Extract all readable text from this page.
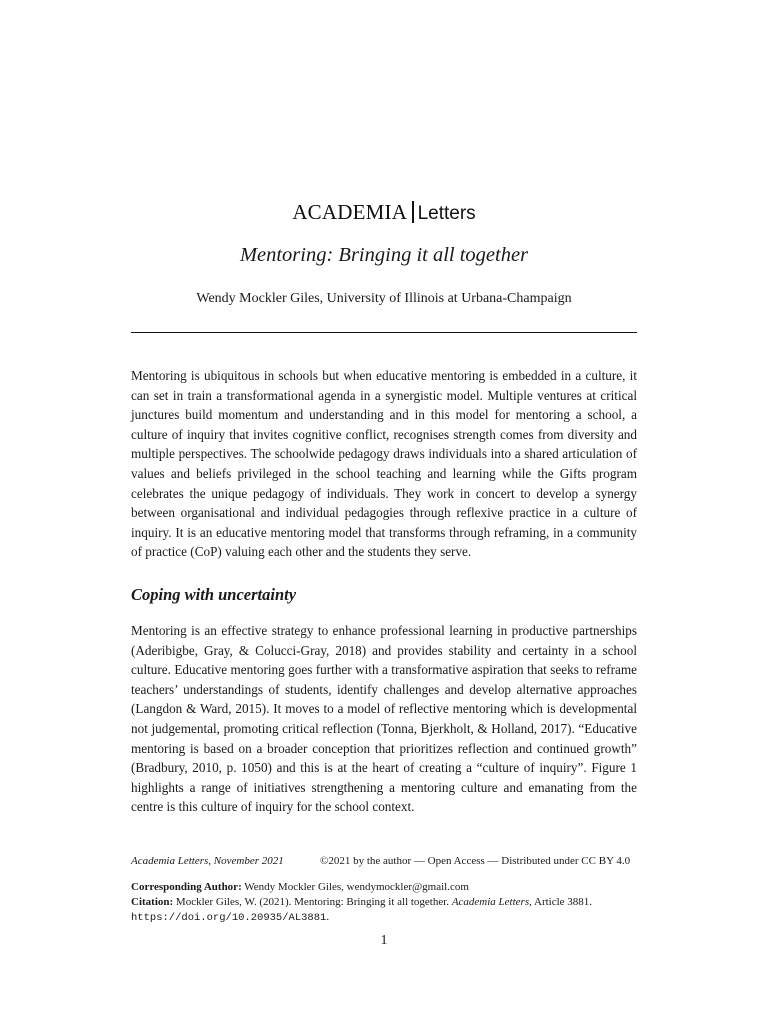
ACADEMIA Letters
Mentoring: Bringing it all together
Wendy Mockler Giles, University of Illinois at Urbana-Champaign

Mentoring is ubiquitous in schools but when educative mentoring is embedded in a culture, it can set in train a transformational agenda in a synergistic model. Multiple ventures at critical junctures build momentum and understanding and in this model for mentoring a school, a culture of inquiry that invites cognitive conflict, recognises strength comes from diversity and multiple perspectives. The schoolwide pedagogy draws individuals into a shared articulation of values and beliefs privileged in the school teaching and learning while the Gifts program celebrates the unique pedagogy of individuals. They work in concert to develop a synergy between organisational and individual pedagogies through reflexive practice in a culture of inquiry. It is an educative mentoring model that transforms through reframing, in a community of practice (CoP) valuing each other and the students they serve.

Coping with uncertainty

Mentoring is an effective strategy to enhance professional learning in productive partnerships (Aderibigbe, Gray, & Colucci-Gray, 2018) and provides stability and certainty in a school culture. Educative mentoring goes further with a transformative aspiration that seeks to reframe teachers’ understandings of students, identify challenges and develop alternative approaches (Langdon & Ward, 2015). It moves to a model of reflective mentoring which is developmental not judgemental, promoting critical reflection (Tonna, Bjerkholt, & Holland, 2017). “Educative mentoring is based on a broader conception that prioritizes reflection and continued growth” (Bradbury, 2010, p. 1050) and this is at the heart of creating a “culture of inquiry”. Figure 1 highlights a range of initiatives strengthening a mentoring culture and emanating from the centre is this culture of inquiry for the school context.

Academia Letters, November 2021	©2021 by the author — Open Access — Distributed under CC BY 4.0
Corresponding Author: Wendy Mockler Giles, wendymockler@gmail.com
Citation: Mockler Giles, W. (2021). Mentoring: Bringing it all together. Academia Letters, Article 3881.
https://doi.org/10.20935/AL3881.
1
